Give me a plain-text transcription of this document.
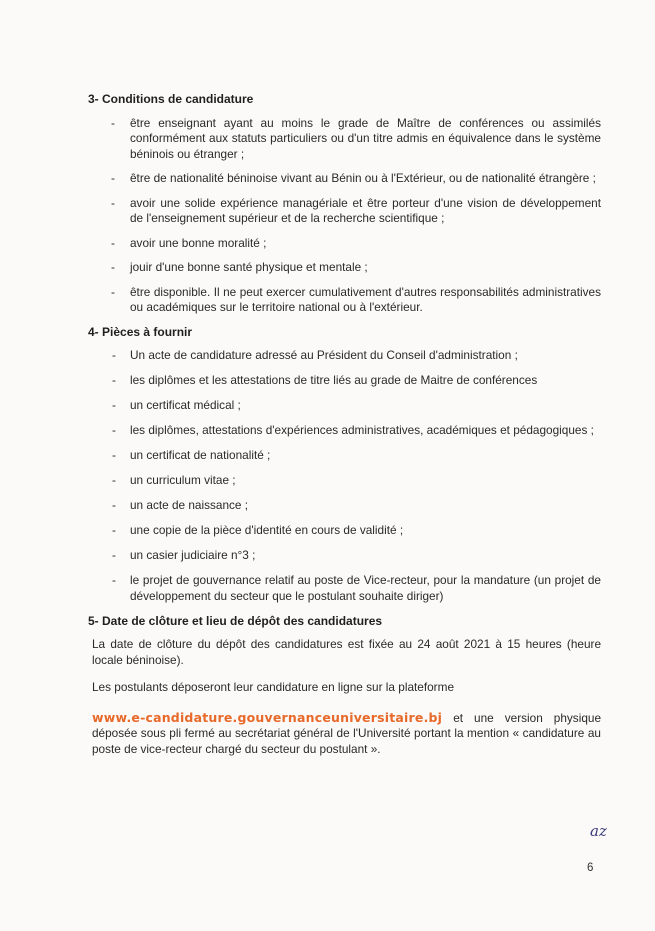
3- Conditions de candidature
- être enseignant ayant au moins le grade de Maître de conférences ou assimilés conformément aux statuts particuliers ou d'un titre admis en équivalence dans le système béninois ou étranger ;
- être de nationalité béninoise vivant au Bénin ou à l'Extérieur, ou de nationalité étrangère ;
- avoir une solide expérience managériale et être porteur d'une vision de développement de l'enseignement supérieur et de la recherche scientifique ;
- avoir une bonne moralité ;
- jouir d'une bonne santé physique et mentale ;
- être disponible. Il ne peut exercer cumulativement d'autres responsabilités administratives ou académiques sur le territoire national ou à l'extérieur.
4- Pièces à fournir
- Un acte de candidature adressé au Président du Conseil d'administration ;
- les diplômes et les attestations de titre liés au grade de Maitre de conférences
- un certificat médical ;
- les diplômes, attestations d'expériences administratives, académiques et pédagogiques ;
- un certificat de nationalité ;
- un curriculum vitae ;
- un acte de naissance ;
- une copie de la pièce d'identité en cours de validité ;
- un casier judiciaire n°3 ;
- le projet de gouvernance relatif au poste de Vice-recteur, pour la mandature (un projet de développement du secteur que le postulant souhaite diriger)
5- Date de clôture et lieu de dépôt des candidatures

La date de clôture du dépôt des candidatures est fixée au 24 août 2021 à 15 heures (heure locale béninoise).

Les postulants déposeront leur candidature en ligne sur la plateforme

www.e-candidature.gouvernanceuniversitaire.bj et une version physique déposée sous pli fermé au secrétariat général de l'Université portant la mention « candidature au poste de vice-recteur chargé du secteur du postulant ».

az
6
